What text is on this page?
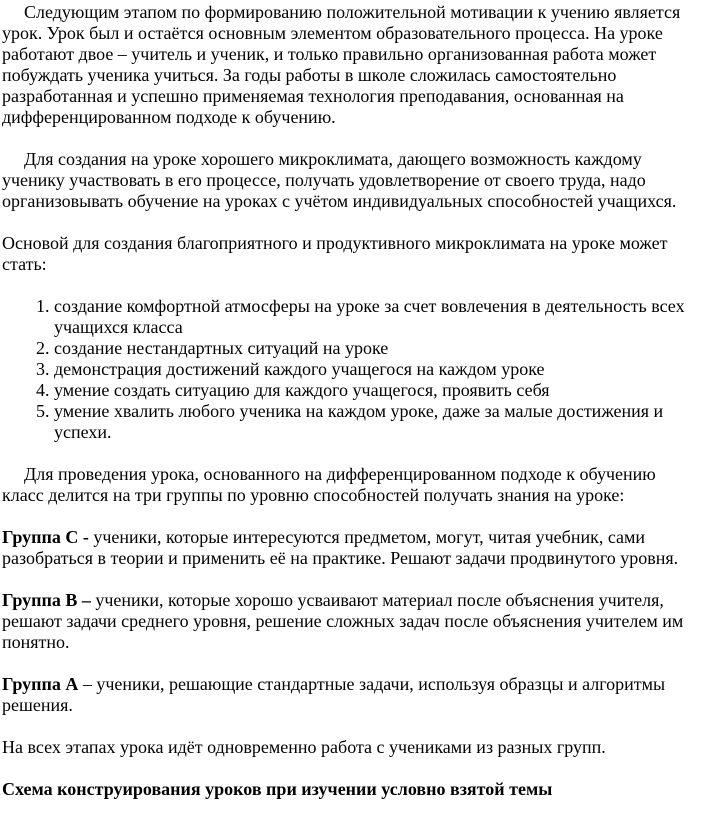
Следующим этапом по формированию положительной мотивации к учению является урок. Урок был и остаётся основным элементом образовательного процесса. На уроке работают двое – учитель и ученик, и только правильно организованная работа может побуждать ученика учиться. За годы работы в школе сложилась самостоятельно разработанная и успешно применяемая технология преподавания, основанная на дифференцированном подходе к обучению.

Для создания на уроке хорошего микроклимата, дающего возможность каждому ученику участвовать в его процессе, получать удовлетворение от своего труда, надо организовывать обучение на уроках с учётом индивидуальных способностей учащихся.

Основой для создания благоприятного и продуктивного микроклимата на уроке может стать:

1. создание комфортной атмосферы на уроке за счет вовлечения в деятельность всех учащихся класса
2. создание нестандартных ситуаций на уроке
3. демонстрация достижений каждого учащегося на каждом уроке
4. умение создать ситуацию для каждого учащегося, проявить себя
5. умение хвалить любого ученика на каждом уроке, даже за малые достижения и успехи.

Для проведения урока, основанного на дифференцированном подходе к обучению класс делится на три группы по уровню способностей получать знания на уроке:

Группа С - ученики, которые интересуются предметом, могут, читая учебник, сами разобраться в теории и применить её на практике. Решают задачи продвинутого уровня.

Группа В – ученики, которые хорошо усваивают материал после объяснения учителя, решают задачи среднего уровня, решение сложных задач после объяснения учителем им понятно.

Группа А – ученики, решающие стандартные задачи, используя образцы и алгоритмы решения.

На всех этапах урока идёт одновременно работа с учениками из разных групп.

Схема конструирования уроков при изучении условно взятой темы
